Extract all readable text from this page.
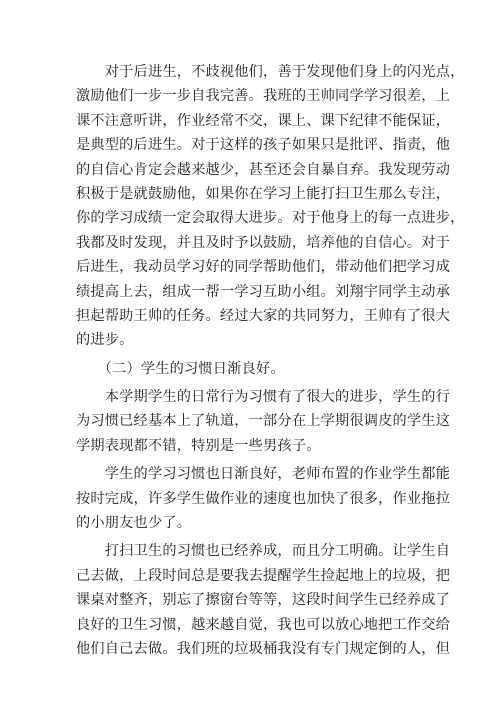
　　对于后进生，不歧视他们，善于发现他们身上的闪光点，
激励他们一步一步自我完善。我班的王帅同学学习很差，上
课不注意听讲，作业经常不交，课上、课下纪律不能保证，
是典型的后进生。对于这样的孩子如果只是批评、指责，他
的自信心肯定会越来越少，甚至还会自暴自弃。我发现劳动
积极于是就鼓励他，如果你在学习上能打扫卫生那么专注，
你的学习成绩一定会取得大进步。对于他身上的每一点进步，
我都及时发现，并且及时予以鼓励，培养他的自信心。对于
后进生，我动员学习好的同学帮助他们，带动他们把学习成
绩提高上去，组成一帮一学习互助小组。刘翔宇同学主动承
担起帮助王帅的任务。经过大家的共同努力，王帅有了很大
的进步。
　　（二）学生的习惯日渐良好。
　　本学期学生的日常行为习惯有了很大的进步，学生的行
为习惯已经基本上了轨道，一部分在上学期很调皮的学生这
学期表现都不错，特别是一些男孩子。
　　学生的学习习惯也日渐良好，老师布置的作业学生都能
按时完成，许多学生做作业的速度也加快了很多，作业拖拉
的小朋友也少了。
　　打扫卫生的习惯也已经养成，而且分工明确。让学生自
己去做，上段时间总是要我去提醒学生捡起地上的垃圾，把
课桌对整齐，别忘了擦窗台等等，这段时间学生已经养成了
良好的卫生习惯，越来越自觉，我也可以放心地把工作交给
他们自己去做。我们班的垃圾桶我没有专门规定倒的人，但
